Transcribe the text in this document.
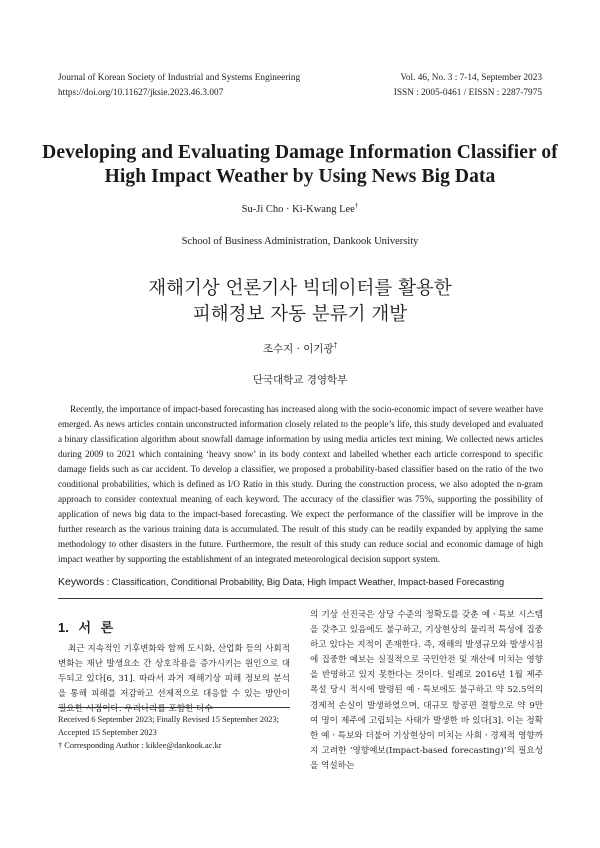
Journal of Korean Society of Industrial and Systems Engineering
https://doi.org/10.11627/jksie.2023.46.3.007
Vol. 46, No. 3 : 7-14, September 2023
ISSN : 2005-0461 / EISSN : 2287-7975
Developing and Evaluating Damage Information Classifier of
High Impact Weather by Using News Big Data
Su-Ji Cho · Ki-Kwang Lee†
School of Business Administration, Dankook University
재해기상 언론기사 빅데이터를 활용한
피해정보 자동 분류기 개발
조수지 · 이기광†
단국대학교 경영학부

Recently, the importance of impact-based forecasting has increased along with the socio-economic impact of severe weather have emerged. As news articles contain unconstructed information closely related to the people’s life, this study developed and evaluated a binary classification algorithm about snowfall damage information by using media articles text mining. We collected news articles during 2009 to 2021 which containing ‘heavy snow’ in its body context and labelled whether each article correspond to specific damage fields such as car accident. To develop a classifier, we proposed a probability-based classifier based on the ratio of the two conditional probabilities, which is defined as I/O Ratio in this study. During the construction process, we also adopted the n-gram approach to consider contextual meaning of each keyword. The accuracy of the classifier was 75%, supporting the possibility of application of news big data to the impact-based forecasting. We expect the performance of the classifier will be improve in the further research as the various training data is accumulated. The result of this study can be readily expanded by applying the same methodology to other disasters in the future. Furthermore, the result of this study can reduce social and economic damage of high impact weather by supporting the establishment of an integrated meteorological decision support system.

Keywords : Classification, Conditional Probability, Big Data, High Impact Weather, Impact-based Forecasting
1. 서 론

최근 지속적인 기후변화와 함께 도시화, 산업화 등의 사회적 변화는 재난 발생요소 간 상호작용을 증가시키는 원인으로 대두되고 있다[6, 31]. 따라서 과거 재해기상 피해 정보의 분석을 통해 피해를 저감하고 선제적으로 대응할 수 있는 방안이 필요한 시점이다. 우리나라를 포함한 다수

의 기상 선진국은 상당 수준의 정확도를 갖춘 예ㆍ특보 시스템을 갖추고 있음에도 불구하고, 기상현상의 물리적 특성에 집중하고 있다는 지적이 존재한다. 즉, 재해의 발생규모와 발생시점에 집중한 예보는 실질적으로 국민안전 및 재산에 미치는 영향을 반영하고 있지 못한다는 것이다. 일례로 2016년 1월 제주 폭설 당시 적시에 발령된 예ㆍ특보에도 불구하고 약 52.5억의 경제적 손실이 발생하였으며, 대규모 항공편 결항으로 약 9만여 명이 제주에 고립되는 사태가 발생한 바 있다[3]. 이는 정확한 예ㆍ특보와 더불어 기상현상이 미치는 사회ㆍ경제적 영향까지 고려한 ‘영향예보(Impact-based forecasting)’의 필요성을 역설하는

Received 6 September 2023; Finally Revised 15 September 2023;
Accepted 15 September 2023
† Corresponding Author : kiklee@dankook.ac.kr
